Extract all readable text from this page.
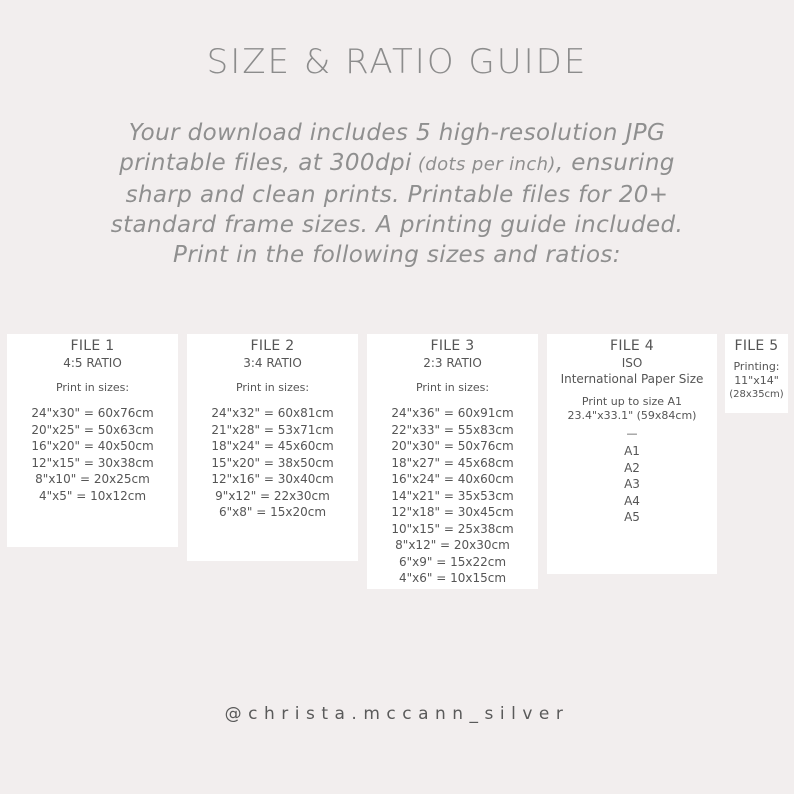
SIZE & RATIO GUIDE
Your download includes 5 high-resolution JPG
printable files, at 300dpi (dots per inch), ensuring
sharp and clean prints. Printable files for 20+
standard frame sizes. A printing guide included.
Print in the following sizes and ratios:
FILE 1
4:5 RATIO
Print in sizes:
24"x30" = 60x76cm
20"x25" = 50x63cm
16"x20" = 40x50cm
12"x15" = 30x38cm
8"x10" = 20x25cm
4"x5" = 10x12cm
FILE 2
3:4 RATIO
Print in sizes:
24"x32" = 60x81cm
21"x28" = 53x71cm
18"x24" = 45x60cm
15"x20" = 38x50cm
12"x16" = 30x40cm
9"x12" = 22x30cm
6"x8" = 15x20cm
FILE 3
2:3 RATIO
Print in sizes:
24"x36" = 60x91cm
22"x33" = 55x83cm
20"x30" = 50x76cm
18"x27" = 45x68cm
16"x24" = 40x60cm
14"x21" = 35x53cm
12"x18" = 30x45cm
10"x15" = 25x38cm
8"x12" = 20x30cm
6"x9" = 15x22cm
4"x6" = 10x15cm
FILE 4
ISO
International Paper Size
Print up to size A1
23.4"x33.1" (59x84cm)
—
A1
A2
A3
A4
A5
FILE 5
Printing:
11"x14"
(28x35cm)
@christa.mccann_silver
